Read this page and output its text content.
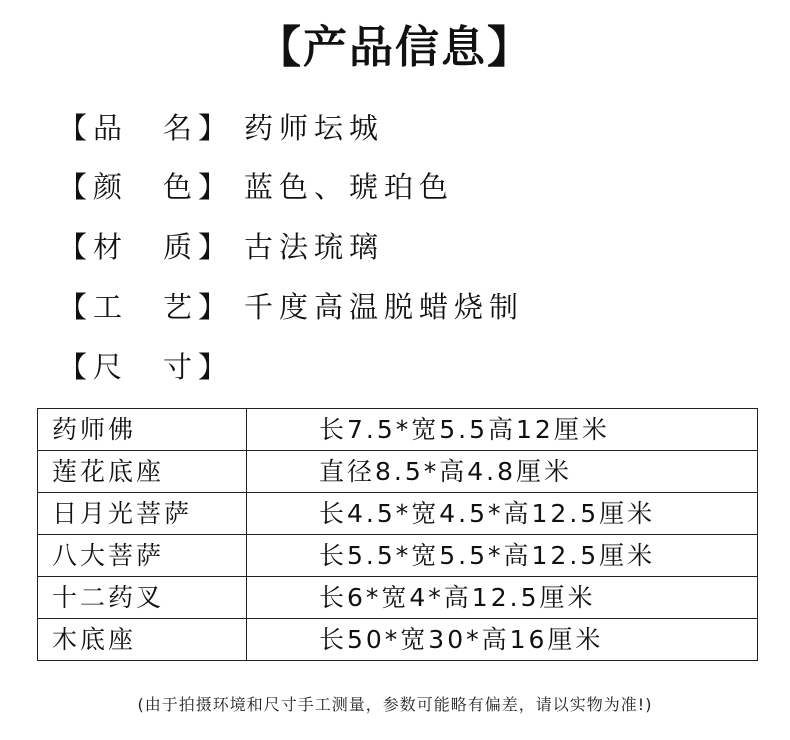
【产品信息】
【品　名】 药师坛城
【颜　色】 蓝色、琥珀色
【材　质】 古法琉璃
【工　艺】 千度高温脱蜡烧制
【尺　寸】
药师佛	长7.5*宽5.5高12厘米
莲花底座	直径8.5*高4.8厘米
日月光菩萨	长4.5*宽4.5*高12.5厘米
八大菩萨	长5.5*宽5.5*高12.5厘米
十二药叉	长6*宽4*高12.5厘米
木底座	长50*宽30*高16厘米
(由于拍摄环境和尺寸手工测量，参数可能略有偏差，请以实物为准!)
